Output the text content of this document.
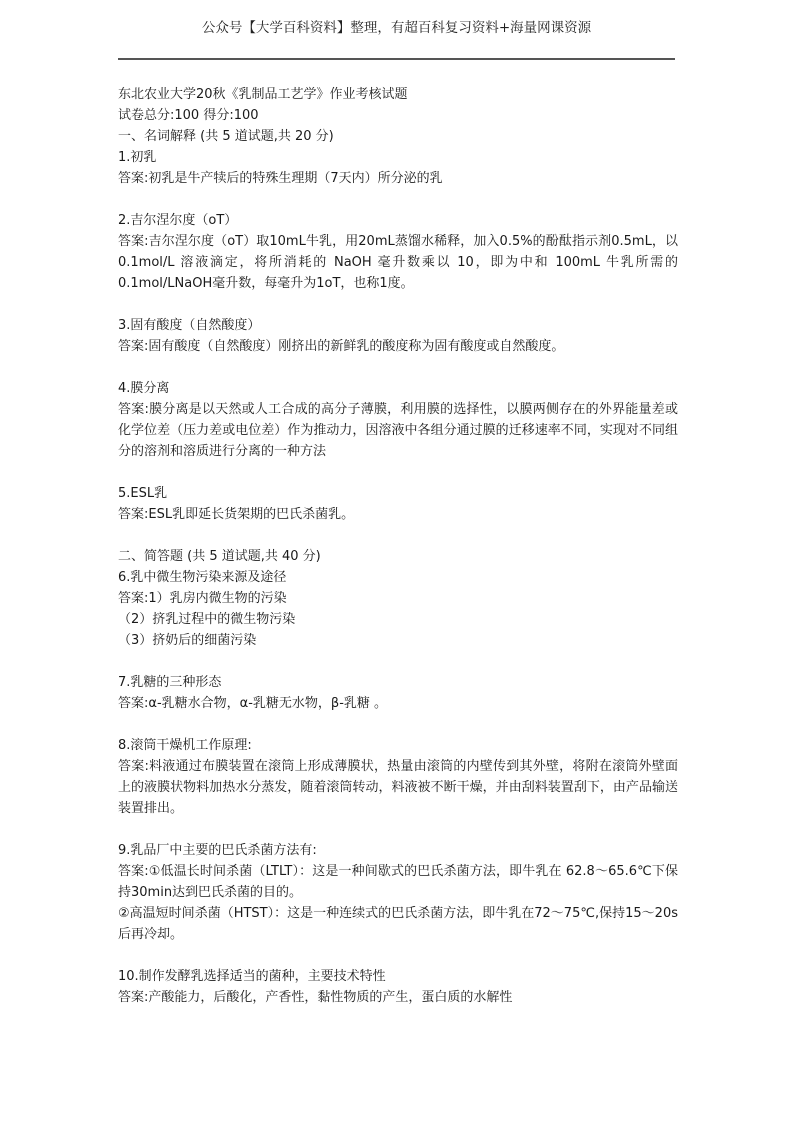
公众号【大学百科资料】整理，有超百科复习资料+海量网课资源
东北农业大学20秋《乳制品工艺学》作业考核试题
试卷总分:100 得分:100
一、名词解释 (共 5 道试题,共 20 分)
1.初乳
答案:初乳是牛产犊后的特殊生理期（7天内）所分泌的乳
2.吉尔涅尔度（oT）
答案:吉尔涅尔度（oT）取10mL牛乳，用20mL蒸馏水稀释，加入0.5%的酚酞指示剂0.5mL，以 0.1mol/L 溶液滴定，将所消耗的 NaOH 毫升数乘以 10，即为中和 100mL 牛乳所需的0.1mol/LNaOH毫升数，每毫升为1oT，也称1度。
3.固有酸度（自然酸度）
答案:固有酸度（自然酸度）刚挤出的新鲜乳的酸度称为固有酸度或自然酸度。
4.膜分离
答案:膜分离是以天然或人工合成的高分子薄膜，利用膜的选择性，以膜两侧存在的外界能量差或化学位差（压力差或电位差）作为推动力，因溶液中各组分通过膜的迁移速率不同，实现对不同组分的溶剂和溶质进行分离的一种方法
5.ESL乳
答案:ESL乳即延长货架期的巴氏杀菌乳。
二、简答题 (共 5 道试题,共 40 分)
6.乳中微生物污染来源及途径
答案:1）乳房内微生物的污染
（2）挤乳过程中的微生物污染
（3）挤奶后的细菌污染
7.乳糖的三种形态
答案:α-乳糖水合物，α-乳糖无水物，β-乳糖 。
8.滚筒干燥机工作原理:
答案:料液通过布膜装置在滚筒上形成薄膜状，热量由滚筒的内壁传到其外壁，将附在滚筒外壁面上的液膜状物料加热水分蒸发，随着滚筒转动，料液被不断干燥，并由刮料装置刮下，由产品输送装置排出。
9.乳品厂中主要的巴氏杀菌方法有:
答案:①低温长时间杀菌（LTLT）：这是一种间歇式的巴氏杀菌方法，即牛乳在 62.8～65.6℃下保持30min达到巴氏杀菌的目的。
②高温短时间杀菌（HTST）：这是一种连续式的巴氏杀菌方法，即牛乳在72～75℃,保持15～20s后再冷却。
10.制作发酵乳选择适当的菌种，主要技术特性
答案:产酸能力，后酸化，产香性，黏性物质的产生，蛋白质的水解性
